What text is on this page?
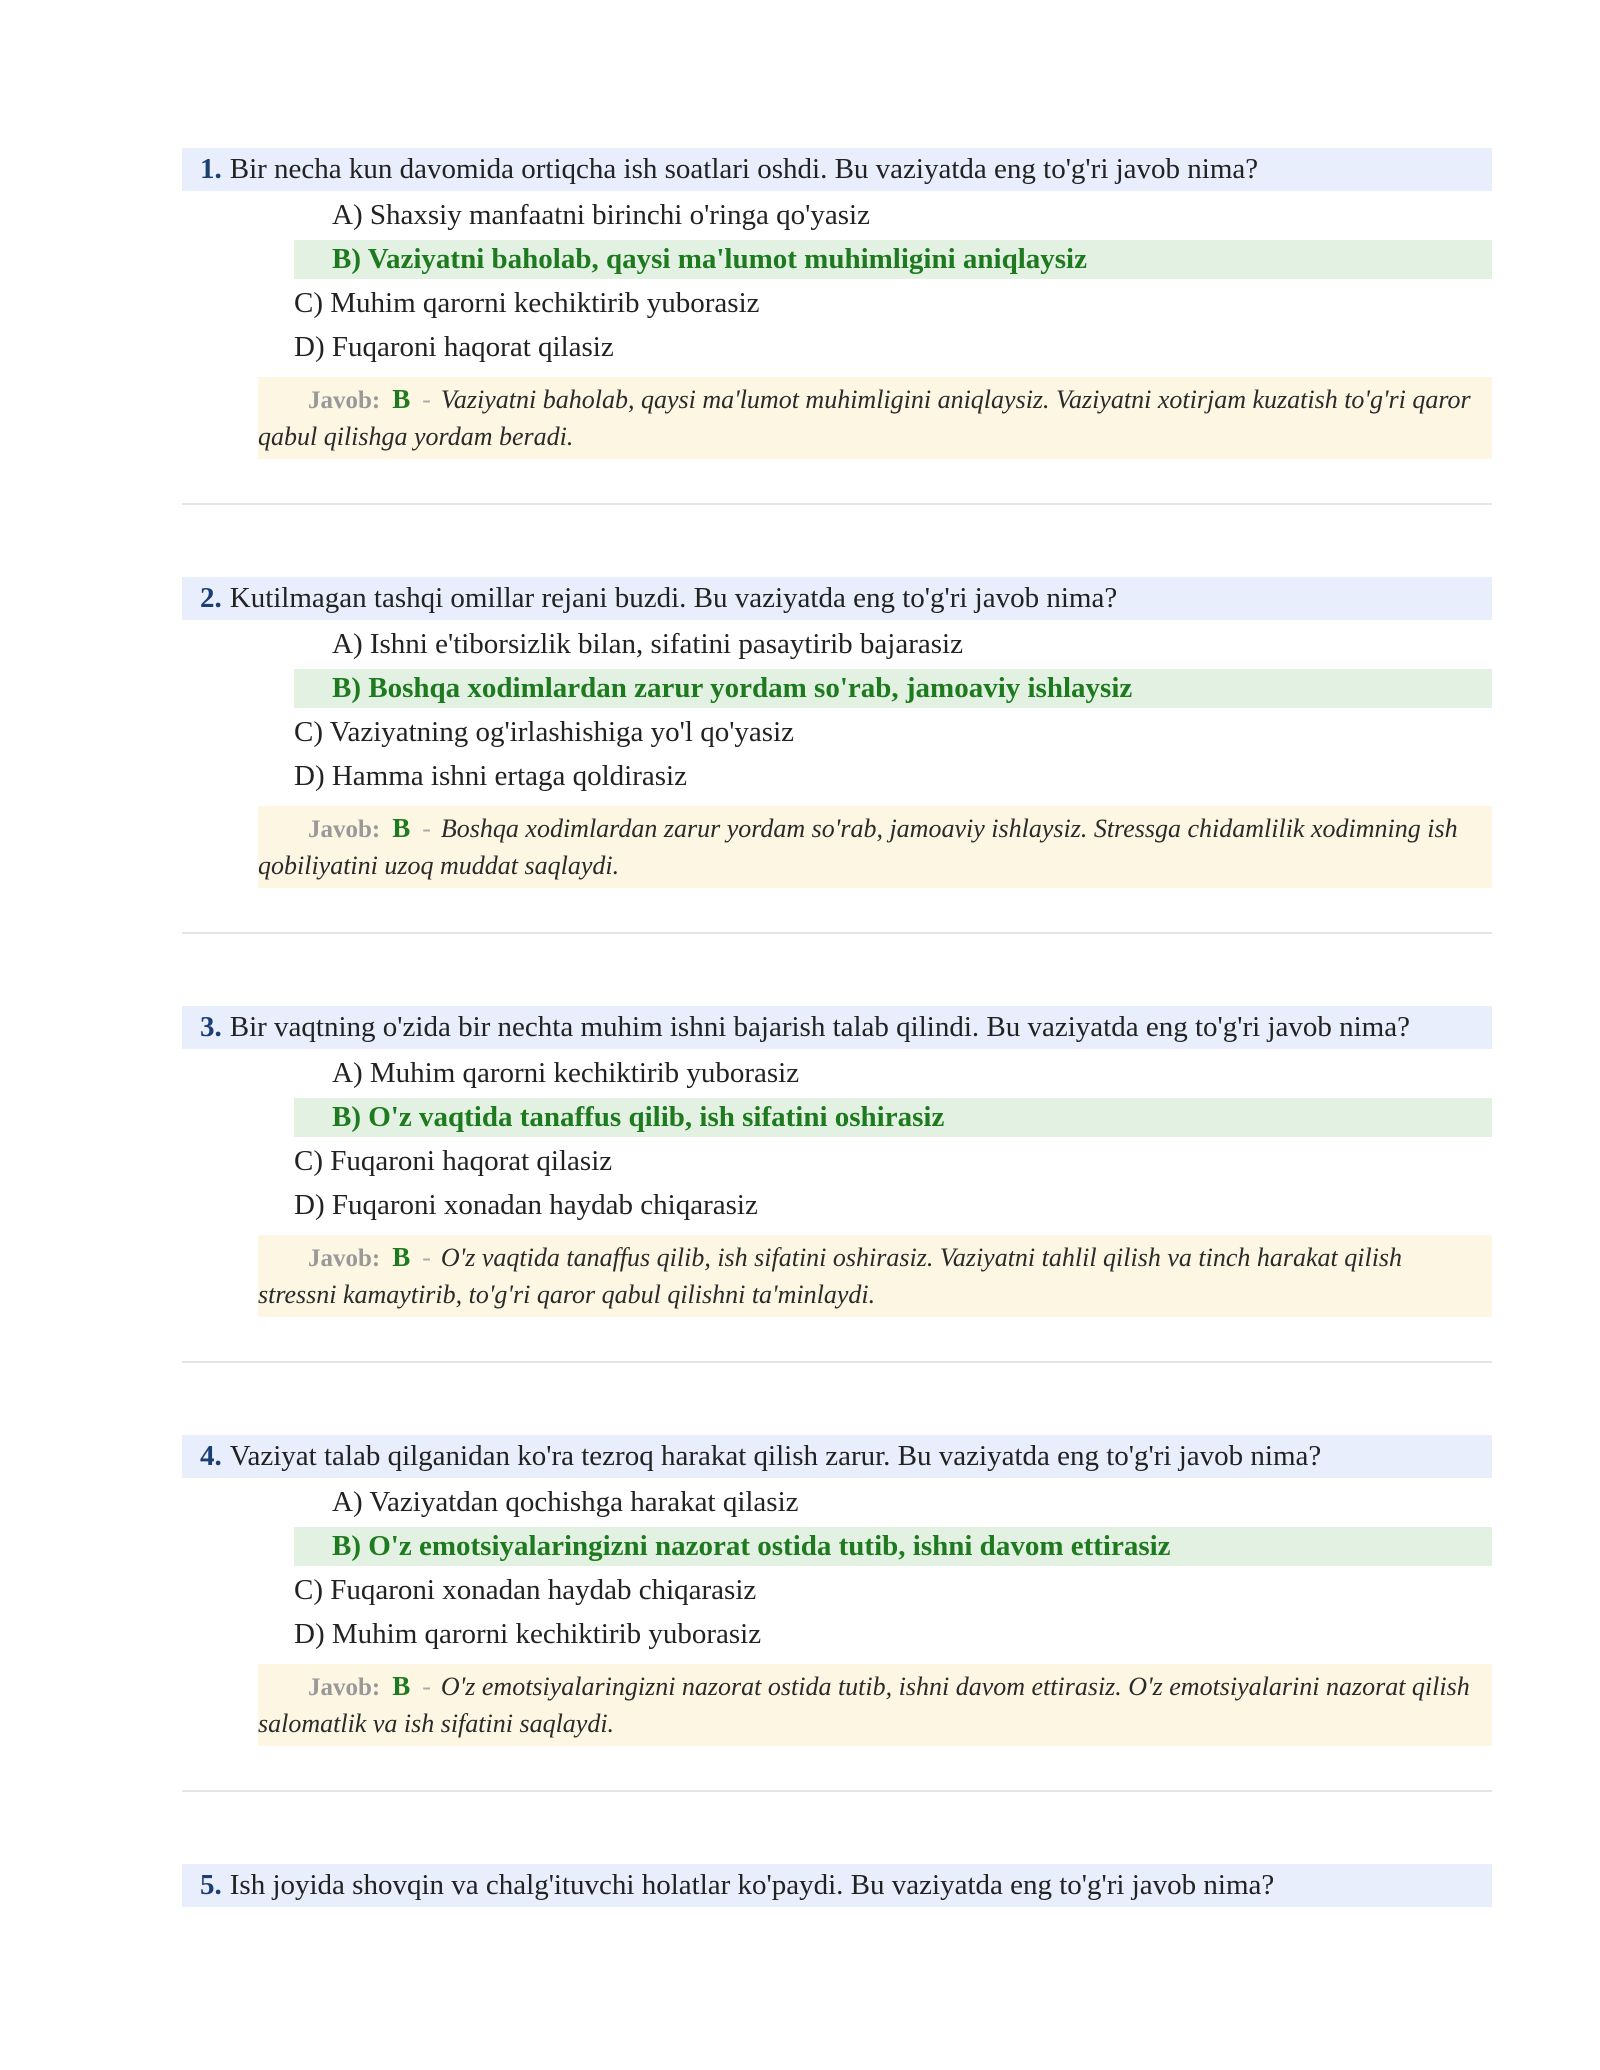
1. Bir necha kun davomida ortiqcha ish soatlari oshdi. Bu vaziyatda eng to'g'ri javob nima?

A) Shaxsiy manfaatni birinchi o'ringa qo'yasiz
B) Vaziyatni baholab, qaysi ma'lumot muhimligini aniqlaysiz
C) Muhim qarorni kechiktirib yuborasiz
D) Fuqaroni haqorat qilasiz
Javob: B - Vaziyatni baholab, qaysi ma'lumot muhimligini aniqlaysiz. Vaziyatni xotirjam kuzatish to'g'ri qaror qabul qilishga yordam beradi.

2. Kutilmagan tashqi omillar rejani buzdi. Bu vaziyatda eng to'g'ri javob nima?

A) Ishni e'tiborsizlik bilan, sifatini pasaytirib bajarasiz
B) Boshqa xodimlardan zarur yordam so'rab, jamoaviy ishlaysiz
C) Vaziyatning og'irlashishiga yo'l qo'yasiz
D) Hamma ishni ertaga qoldirasiz
Javob: B - Boshqa xodimlardan zarur yordam so'rab, jamoaviy ishlaysiz. Stressga chidamlilik xodimning ish qobiliyatini uzoq muddat saqlaydi.

3. Bir vaqtning o'zida bir nechta muhim ishni bajarish talab qilindi. Bu vaziyatda eng to'g'ri javob nima?

A) Muhim qarorni kechiktirib yuborasiz
B) O'z vaqtida tanaffus qilib, ish sifatini oshirasiz
C) Fuqaroni haqorat qilasiz
D) Fuqaroni xonadan haydab chiqarasiz
Javob: B - O'z vaqtida tanaffus qilib, ish sifatini oshirasiz. Vaziyatni tahlil qilish va tinch harakat qilish stressni kamaytirib, to'g'ri qaror qabul qilishni ta'minlaydi.

4. Vaziyat talab qilganidan ko'ra tezroq harakat qilish zarur. Bu vaziyatda eng to'g'ri javob nima?

A) Vaziyatdan qochishga harakat qilasiz
B) O'z emotsiyalaringizni nazorat ostida tutib, ishni davom ettirasiz
C) Fuqaroni xonadan haydab chiqarasiz
D) Muhim qarorni kechiktirib yuborasiz
Javob: B - O'z emotsiyalaringizni nazorat ostida tutib, ishni davom ettirasiz. O'z emotsiyalarini nazorat qilish salomatlik va ish sifatini saqlaydi.

5. Ish joyida shovqin va chalg'ituvchi holatlar ko'paydi. Bu vaziyatda eng to'g'ri javob nima?
